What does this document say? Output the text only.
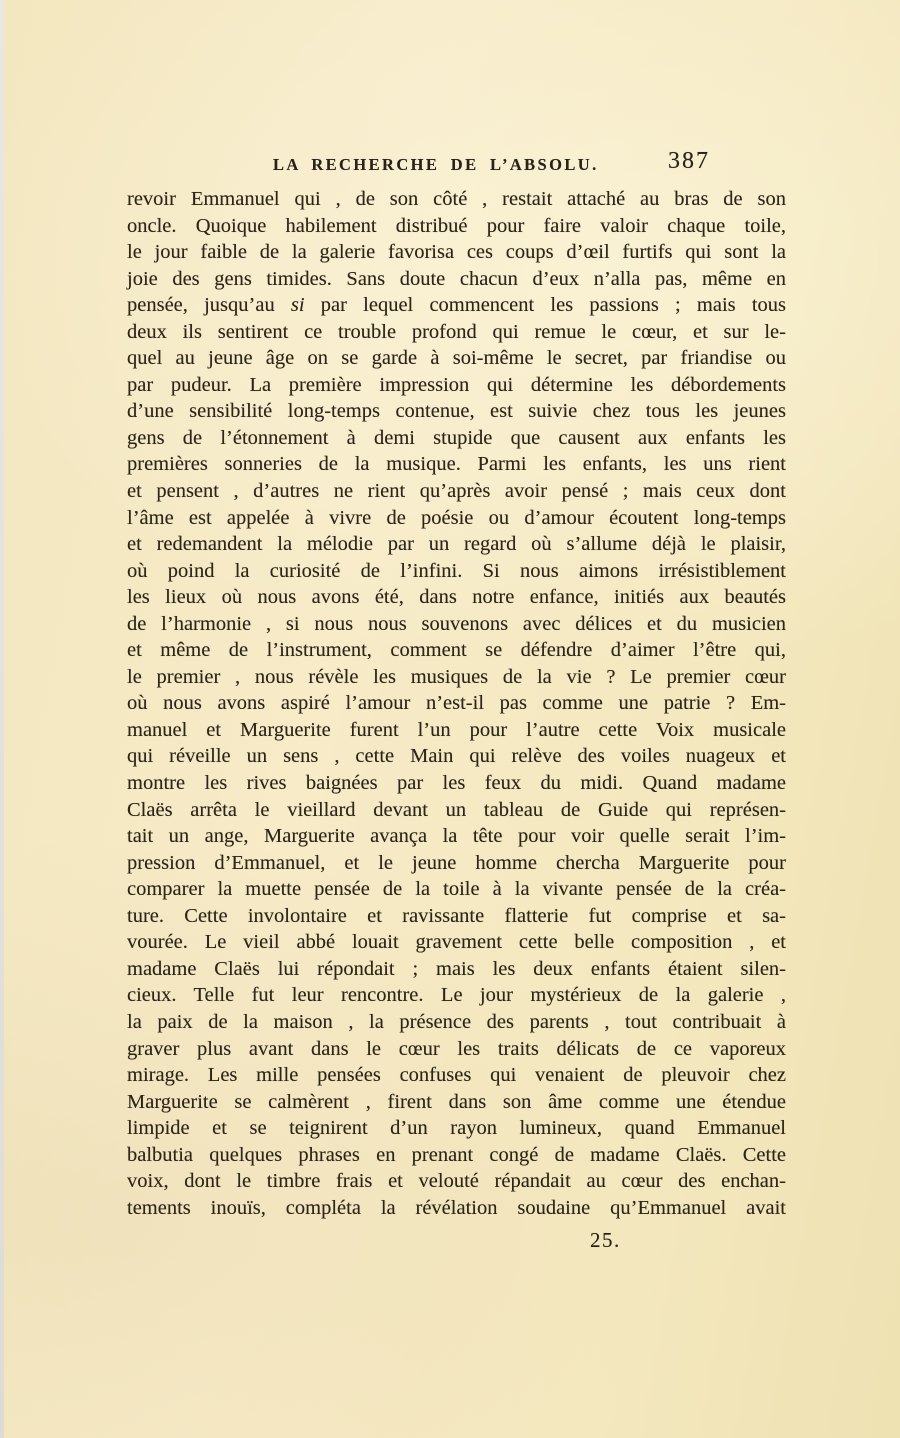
LA RECHERCHE DE L’ABSOLU.	387
revoir Emmanuel qui , de son côté , restait attaché au bras de son
oncle. Quoique habilement distribué pour faire valoir chaque toile,
le jour faible de la galerie favorisa ces coups d’œil furtifs qui sont la
joie des gens timides. Sans doute chacun d’eux n’alla pas, même en
pensée, jusqu’au si par lequel commencent les passions ; mais tous
deux ils sentirent ce trouble profond qui remue le cœur, et sur le-
quel au jeune âge on se garde à soi-même le secret, par friandise ou
par pudeur. La première impression qui détermine les débordements
d’une sensibilité long-temps contenue, est suivie chez tous les jeunes
gens de l’étonnement à demi stupide que causent aux enfants les
premières sonneries de la musique. Parmi les enfants, les uns rient
et pensent , d’autres ne rient qu’après avoir pensé ; mais ceux dont
l’âme est appelée à vivre de poésie ou d’amour écoutent long-temps
et redemandent la mélodie par un regard où s’allume déjà le plaisir,
où poind la curiosité de l’infini. Si nous aimons irrésistiblement
les lieux où nous avons été, dans notre enfance, initiés aux beautés
de l’harmonie , si nous nous souvenons avec délices et du musicien
et même de l’instrument, comment se défendre d’aimer l’être qui,
le premier , nous révèle les musiques de la vie ? Le premier cœur
où nous avons aspiré l’amour n’est-il pas comme une patrie ? Em-
manuel et Marguerite furent l’un pour l’autre cette Voix musicale
qui réveille un sens , cette Main qui relève des voiles nuageux et
montre les rives baignées par les feux du midi. Quand madame
Claës arrêta le vieillard devant un tableau de Guide qui représen-
tait un ange, Marguerite avança la tête pour voir quelle serait l’im-
pression d’Emmanuel, et le jeune homme chercha Marguerite pour
comparer la muette pensée de la toile à la vivante pensée de la créa-
ture. Cette involontaire et ravissante flatterie fut comprise et sa-
vourée. Le vieil abbé louait gravement cette belle composition , et
madame Claës lui répondait ; mais les deux enfants étaient silen-
cieux. Telle fut leur rencontre. Le jour mystérieux de la galerie ,
la paix de la maison , la présence des parents , tout contribuait à
graver plus avant dans le cœur les traits délicats de ce vaporeux
mirage. Les mille pensées confuses qui venaient de pleuvoir chez
Marguerite se calmèrent , firent dans son âme comme une étendue
limpide et se teignirent d’un rayon lumineux, quand Emmanuel
balbutia quelques phrases en prenant congé de madame Claës. Cette
voix, dont le timbre frais et velouté répandait au cœur des enchan-
tements inouïs, compléta la révélation soudaine qu’Emmanuel avait
25.
